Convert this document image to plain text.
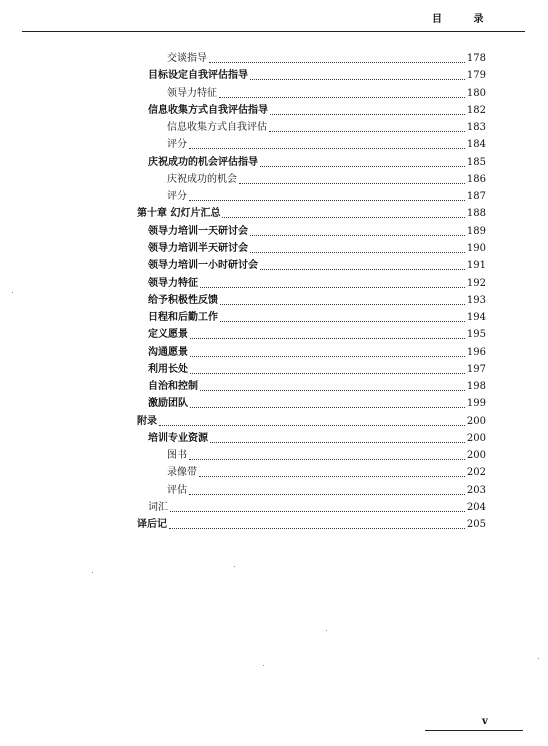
目 录
交谈指导	178
目标设定自我评估指导	179
领导力特征	180
信息收集方式自我评估指导	182
信息收集方式自我评估	183
评分	184
庆祝成功的机会评估指导	185
庆祝成功的机会	186
评分	187
第十章 幻灯片汇总	188
领导力培训一天研讨会	189
领导力培训半天研讨会	190
领导力培训一小时研讨会	191
领导力特征	192
给予积极性反馈	193
日程和后勤工作	194
定义愿景	195
沟通愿景	196
利用长处	197
自治和控制	198
激励团队	199
附录	200
培训专业资源	200
图书	200
录像带	202
评估	203
词汇	204
译后记	205
v
